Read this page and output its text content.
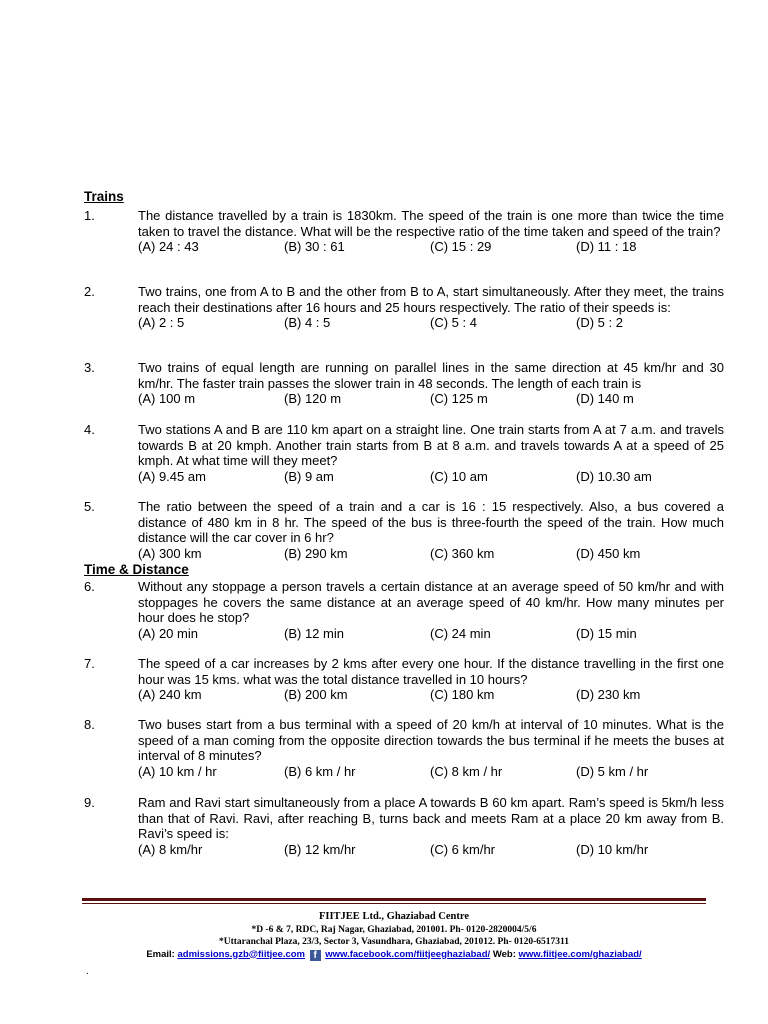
Trains
1.	The distance travelled by a train is 1830km. The speed of the train is one more than twice the time taken to travel the distance. What will be the respective ratio of the time taken and speed of the train?
(A) 24 : 43	(B) 30 : 61	(C) 15 : 29	(D) 11 : 18
2.	Two trains, one from A to B and the other from B to A, start simultaneously. After they meet, the trains reach their destinations after 16 hours and 25 hours respectively. The ratio of their speeds is:
(A) 2 : 5	(B) 4 : 5	(C) 5 : 4	(D) 5 : 2
3.	Two trains of equal length are running on parallel lines in the same direction at 45 km/hr and 30 km/hr. The faster train passes the slower train in 48 seconds. The length of each train is
(A) 100 m	(B) 120 m	(C) 125 m	(D) 140 m
4.	Two stations A and B are 110 km apart on a straight line. One train starts from A at 7 a.m. and travels towards B at 20 kmph. Another train starts from B at 8 a.m. and travels towards A at a speed of 25 kmph. At what time will they meet?
(A) 9.45 am	(B) 9 am	(C) 10 am	(D) 10.30 am
5.	The ratio between the speed of a train and a car is 16 : 15 respectively. Also, a bus covered a distance of 480 km in 8 hr. The speed of the bus is three-fourth the speed of the train. How much distance will the car cover in 6 hr?
(A) 300 km	(B) 290 km	(C) 360 km	(D) 450 km
Time & Distance
6.	Without any stoppage a person travels a certain distance at an average speed of 50 km/hr and with stoppages he covers the same distance at an average speed of 40 km/hr. How many minutes per hour does he stop?
(A) 20 min	(B) 12 min	(C) 24 min	(D) 15 min
7.	The speed of a car increases by 2 kms after every one hour. If the distance travelling in the first one hour was 15 kms. what was the total distance travelled in 10 hours?
(A) 240 km	(B) 200 km	(C) 180 km	(D) 230 km
8.	Two buses start from a bus terminal with a speed of 20 km/h at interval of 10 minutes. What is the speed of a man coming from the opposite direction towards the bus terminal if he meets the buses at interval of 8 minutes?
(A) 10 km / hr	(B) 6 km / hr	(C) 8 km / hr	(D) 5 km / hr
9.	Ram and Ravi start simultaneously from a place A towards B 60 km apart. Ram’s speed is 5km/h less than that of Ravi. Ravi, after reaching B, turns back and meets Ram at a place 20 km away from B. Ravi’s speed is:
(A) 8 km/hr	(B) 12 km/hr	(C) 6 km/hr	(D) 10 km/hr
FIITJEE Ltd., Ghaziabad Centre
*D -6 & 7, RDC, Raj Nagar, Ghaziabad, 201001. Ph- 0120-2820004/5/6
*Uttaranchal Plaza, 23/3, Sector 3, Vasundhara, Ghaziabad, 201012. Ph- 0120-6517311
Email: admissions.gzb@fiitjee.com f www.facebook.com/fiitjeeghaziabad/ Web: www.fiitjee.com/ghaziabad/
.
